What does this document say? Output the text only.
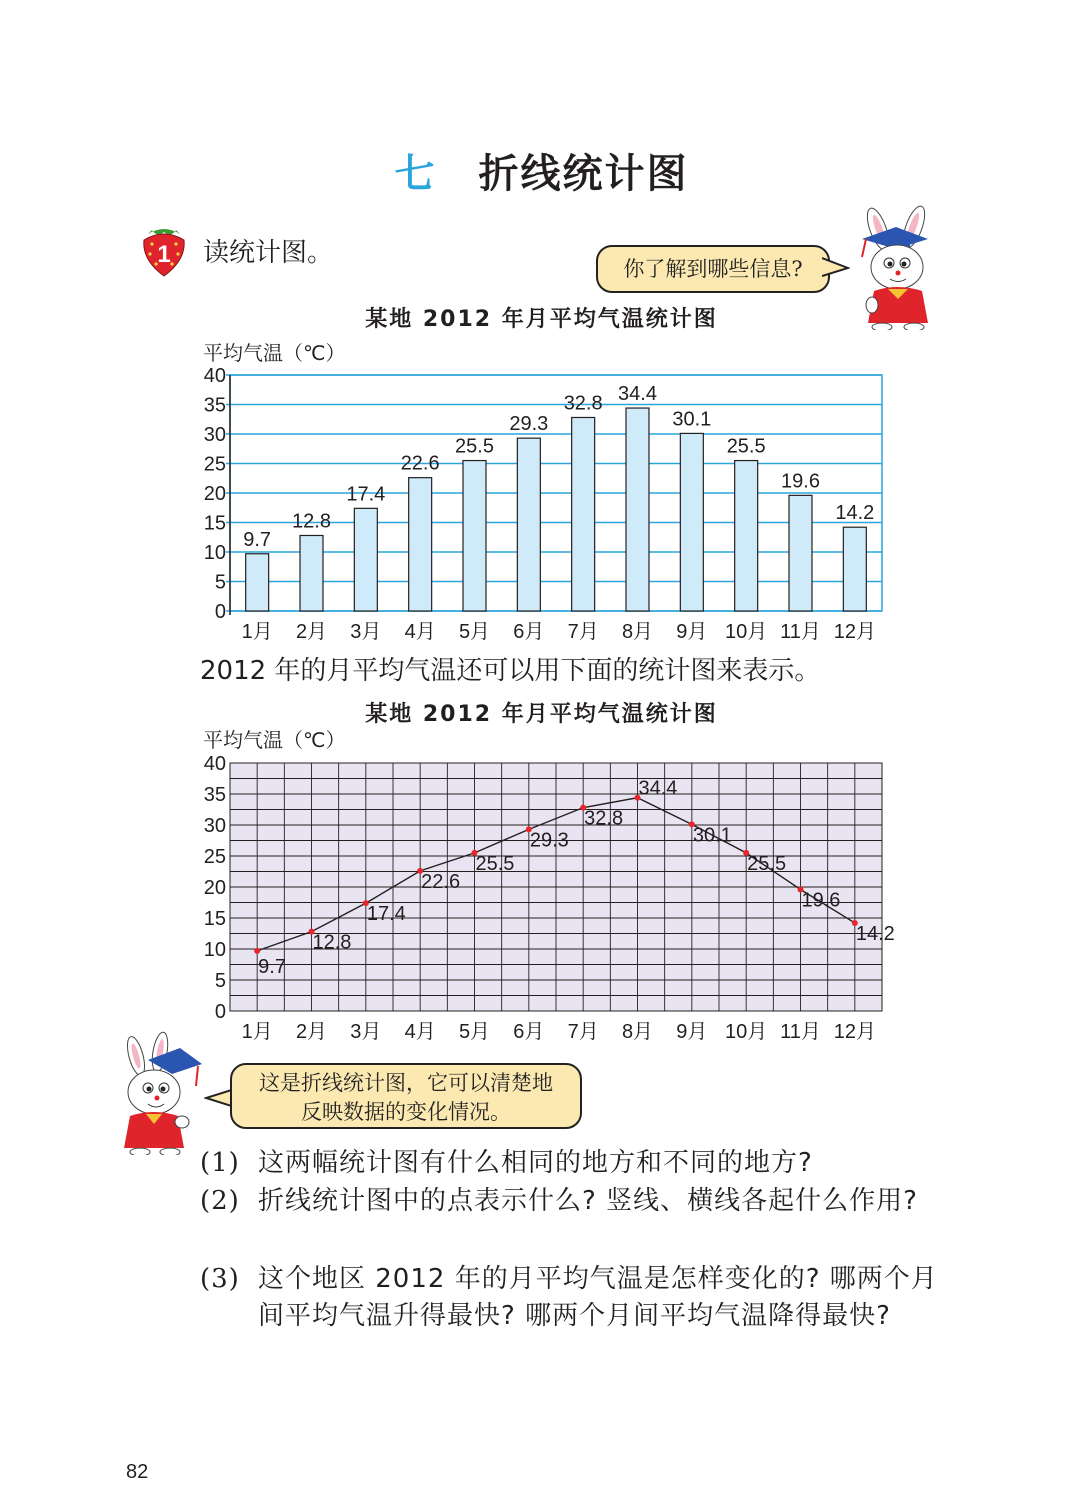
七 折线统计图
1 读统计图。
你了解到哪些信息?
某地 2012 年月平均气温统计图
平均气温（℃）
0
5
10
15
20
25
30
35
40
9.7
1月
12.8
2月
17.4
3月
22.6
4月
25.5
5月
29.3
6月
32.8
7月
34.4
8月
30.1
9月
25.5
10月
19.6
11月
14.2
12月
2012 年的月平均气温还可以用下面的统计图来表示。
某地 2012 年月平均气温统计图
平均气温（℃）
0
5
10
15
20
25
30
35
40
9.7
1月
12.8
2月
17.4
3月
22.6
4月
25.5
5月
29.3
6月
32.8
7月
34.4
8月
30.1
9月
25.5
10月
19.6
11月
14.2
12月
这是折线统计图，它可以清楚地
反映数据的变化情况。
(1) 这两幅统计图有什么相同的地方和不同的地方?
(2) 折线统计图中的点表示什么? 竖线、横线各起什么作用?
(3) 这个地区 2012 年的月平均气温是怎样变化的? 哪两个月间平均气温升得最快? 哪两个月间平均气温降得最快?
82
